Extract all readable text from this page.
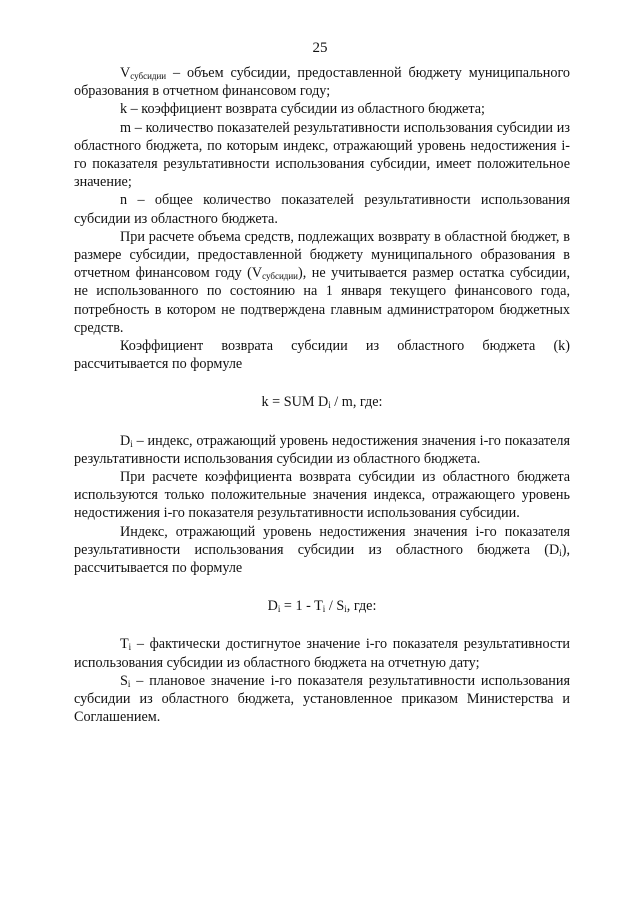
25

$V_{субсидии}$ – объем субсидии, предоставленной бюджету муниципального образования в отчетном финансовом году;

k – коэффициент возврата субсидии из областного бюджета;

m – количество показателей результативности использования субсидии из областного бюджета, по которым индекс, отражающий уровень недостижения i-го показателя результативности использования субсидии, имеет положительное значение;

n – общее количество показателей результативности использования субсидии из областного бюджета.

При расчете объема средств, подлежащих возврату в областной бюджет, в размере субсидии, предоставленной бюджету муниципального образования в отчетном финансовом году $(V_{субсидии})$, не учитывается размер остатка субсидии, не использованного по состоянию на 1 января текущего финансового года, потребность в котором не подтверждена главным администратором бюджетных средств.

Коэффициент возврата субсидии из областного бюджета (k) рассчитывается по формуле

k = SUM $D_i$ / m, где:

$D_i$ – индекс, отражающий уровень недостижения значения i-го показателя результативности использования субсидии из областного бюджета.

При расчете коэффициента возврата субсидии из областного бюджета используются только положительные значения индекса, отражающего уровень недостижения i-го показателя результативности использования субсидии.

Индекс, отражающий уровень недостижения значения i-го показателя результативности использования субсидии из областного бюджета $(D_i)$, рассчитывается по формуле

$D_i = 1 - T_i / S_i$, где:

$T_i$ – фактически достигнутое значение i-го показателя результативности использования субсидии из областного бюджета на отчетную дату;

$S_i$ – плановое значение i-го показателя результативности использования субсидии из областного бюджета, установленное приказом Министерства и Соглашением.
